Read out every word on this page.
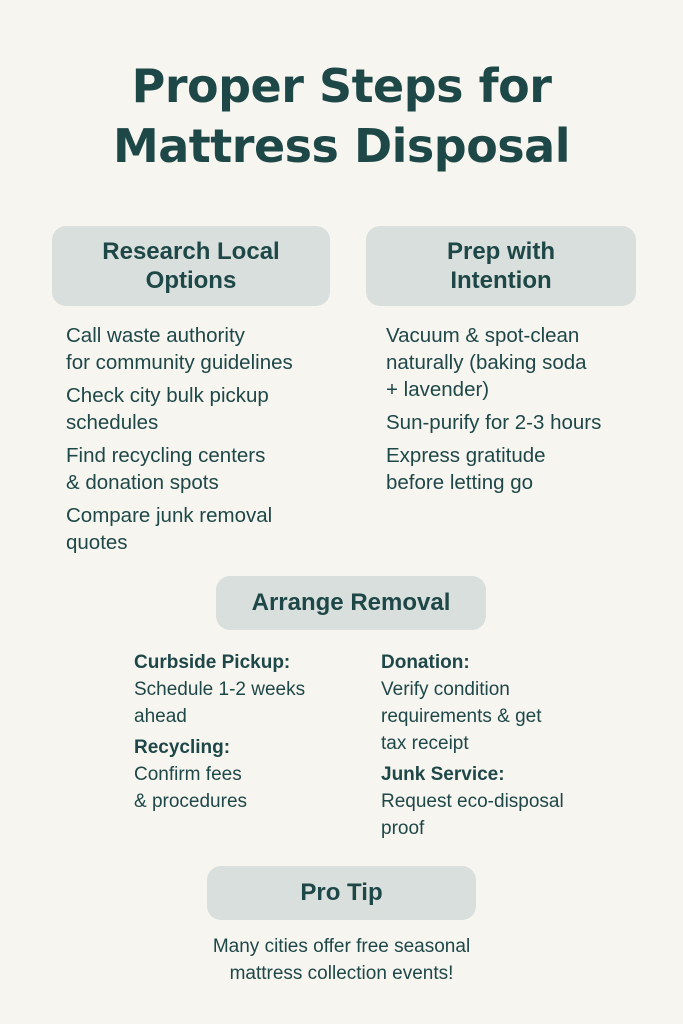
Proper Steps for
Mattress Disposal
Research Local
Options
Call waste authority
for community guidelines
Check city bulk pickup
schedules
Find recycling centers
& donation spots
Compare junk removal
quotes
Prep with
Intention
Vacuum & spot-clean
naturally (baking soda
+ lavender)
Sun-purify for 2-3 hours
Express gratitude
before letting go
Arrange Removal
Curbside Pickup:
Schedule 1-2 weeks
ahead
Recycling:
Confirm fees
& procedures
Donation:
Verify condition
requirements & get
tax receipt
Junk Service:
Request eco-disposal
proof
Pro Tip
Many cities offer free seasonal
mattress collection events!
